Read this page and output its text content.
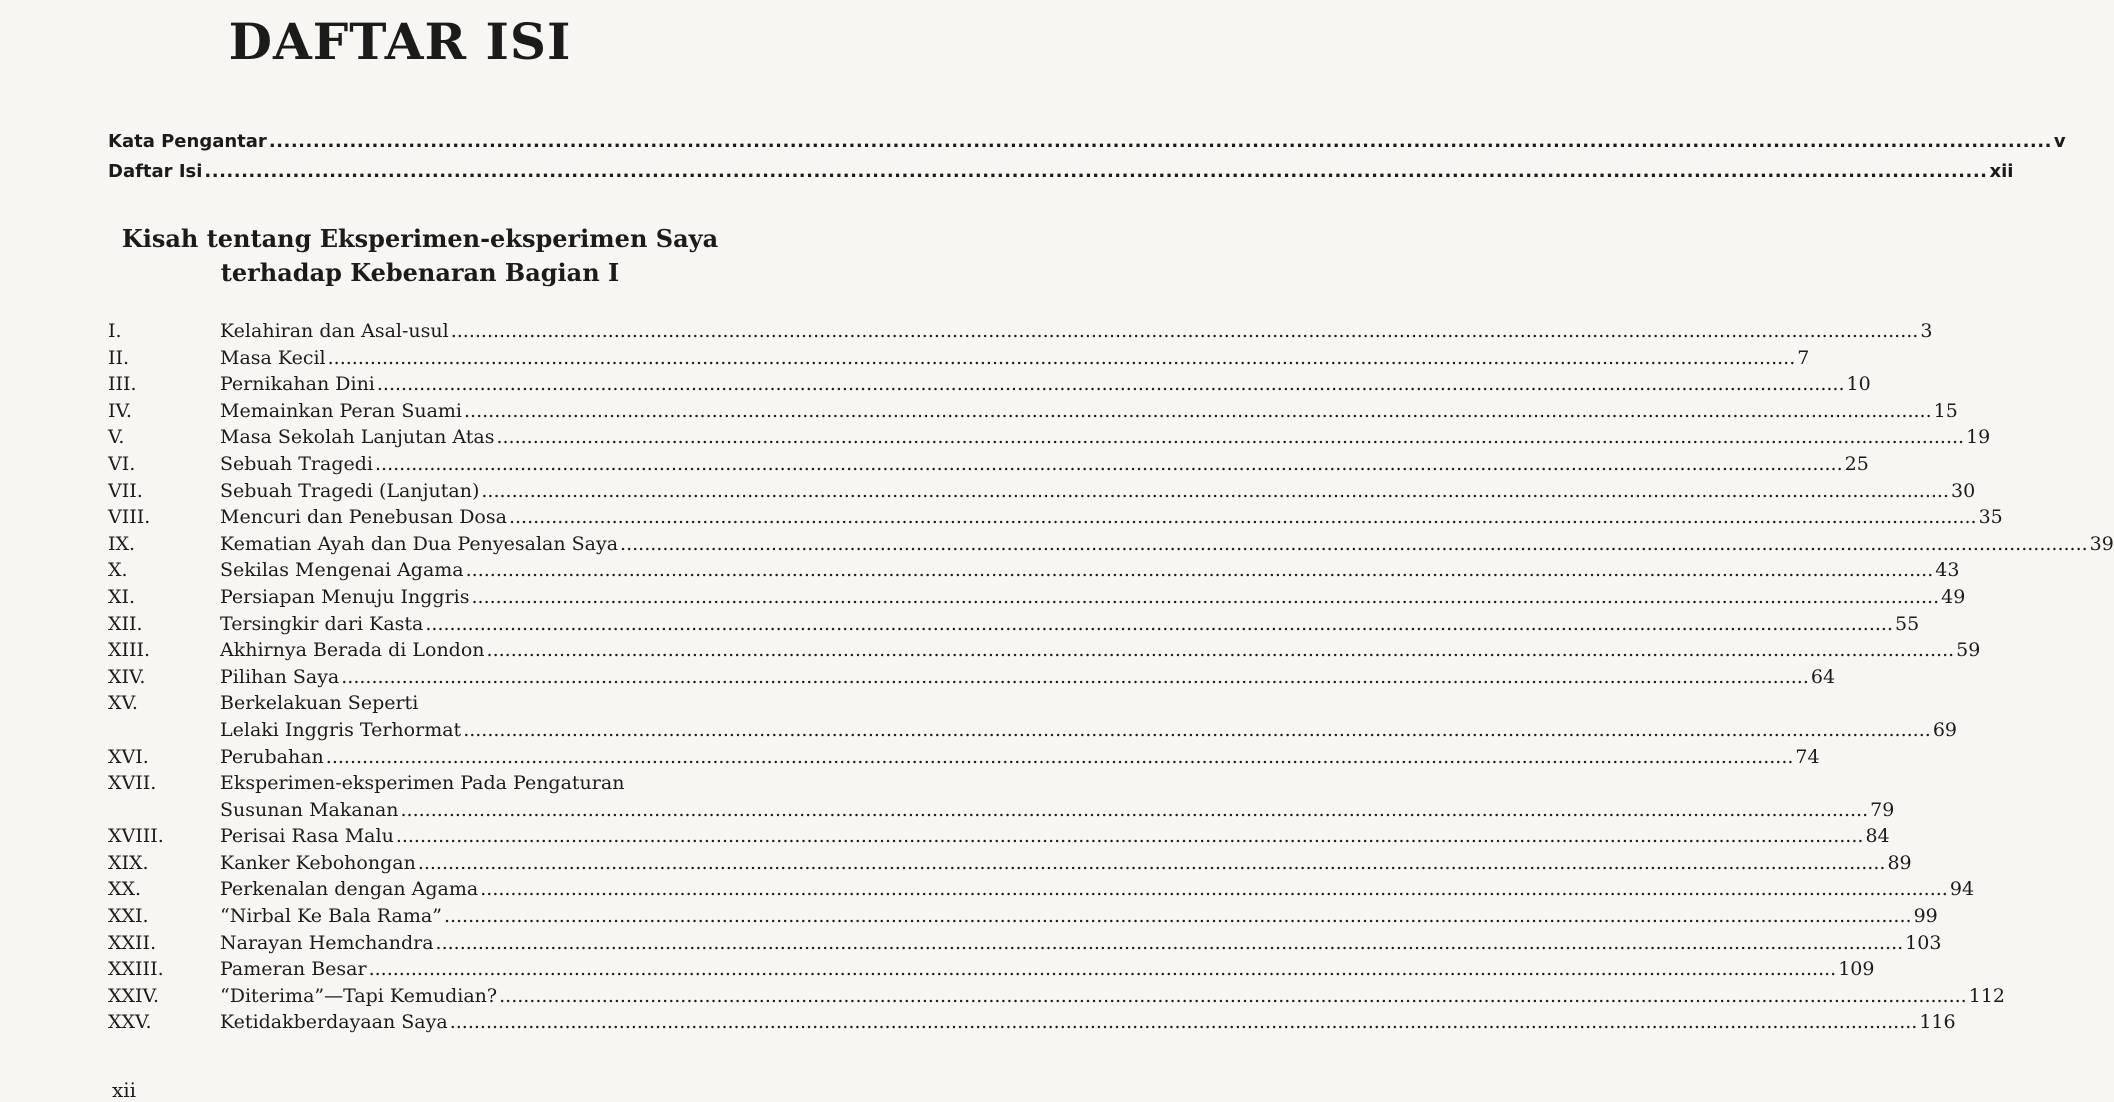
DAFTAR ISI
Kata Pengantar .....	v
Daftar Isi .....	xii
Kisah tentang Eksperimen-eksperimen Saya
terhadap Kebenaran Bagian I
I.	Kelahiran dan Asal-usul .....	3
II.	Masa Kecil .....	7
III.	Pernikahan Dini .....	10
IV.	Memainkan Peran Suami .....	15
V.	Masa Sekolah Lanjutan Atas .....	19
VI.	Sebuah Tragedi .....	25
VII.	Sebuah Tragedi (Lanjutan) .....	30
VIII.	Mencuri dan Penebusan Dosa .....	35
IX.	Kematian Ayah dan Dua Penyesalan Saya .....	39
X.	Sekilas Mengenai Agama .....	43
XI.	Persiapan Menuju Inggris .....	49
XII.	Tersingkir dari Kasta .....	55
XIII.	Akhirnya Berada di London .....	59
XIV.	Pilihan Saya .....	64
XV.	Berkelakuan Seperti
Lelaki Inggris Terhormat .....	69
XVI.	Perubahan .....	74
XVII.	Eksperimen-eksperimen Pada Pengaturan
Susunan Makanan .....	79
XVIII.	Perisai Rasa Malu .....	84
XIX.	Kanker Kebohongan .....	89
XX.	Perkenalan dengan Agama .....	94
XXI.	“Nirbal Ke Bala Rama” .....	99
XXII.	Narayan Hemchandra .....	103
XXIII.	Pameran Besar .....	109
XXIV.	“Diterima”—Tapi Kemudian? .....	112
XXV.	Ketidakberdayaan Saya .....	116
xii
